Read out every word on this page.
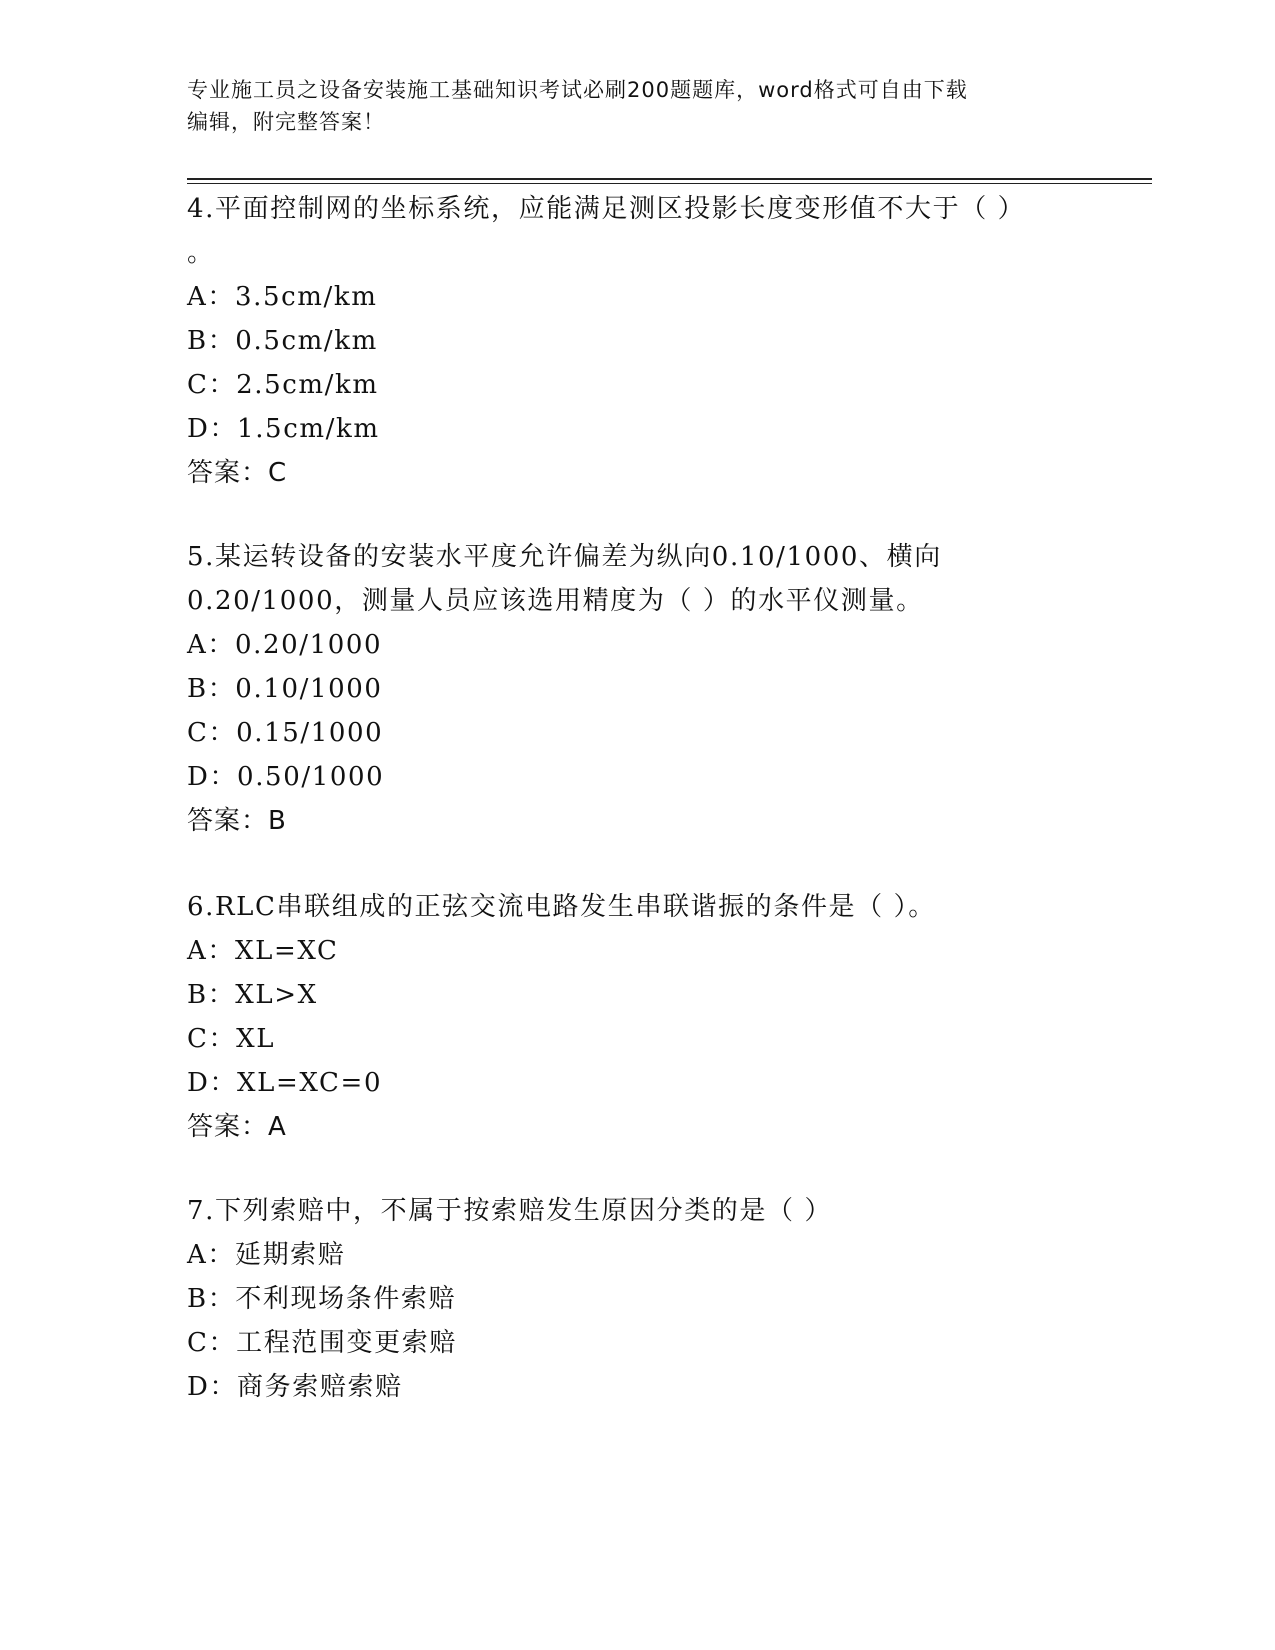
专业施工员之设备安装施工基础知识考试必刷200题题库，word格式可自由下载
编辑，附完整答案！
4.平面控制网的坐标系统，应能满足测区投影长度变形值不大于（ ）
。
A：3.5cm/km
B：0.5cm/km
C：2.5cm/km
D：1.5cm/km
答案：C
5.某运转设备的安装水平度允许偏差为纵向0.10/1000、横向
0.20/1000，测量人员应该选用精度为（ ）的水平仪测量。
A：0.20/1000
B：0.10/1000
C：0.15/1000
D：0.50/1000
答案：B
6.RLC串联组成的正弦交流电路发生串联谐振的条件是（ ）。
A：XL=XC
B：XL>X
C：XL
D：XL=XC=0
答案：A
7.下列索赔中，不属于按索赔发生原因分类的是（ ）
A：延期索赔
B：不利现场条件索赔
C：工程范围变更索赔
D：商务索赔索赔
